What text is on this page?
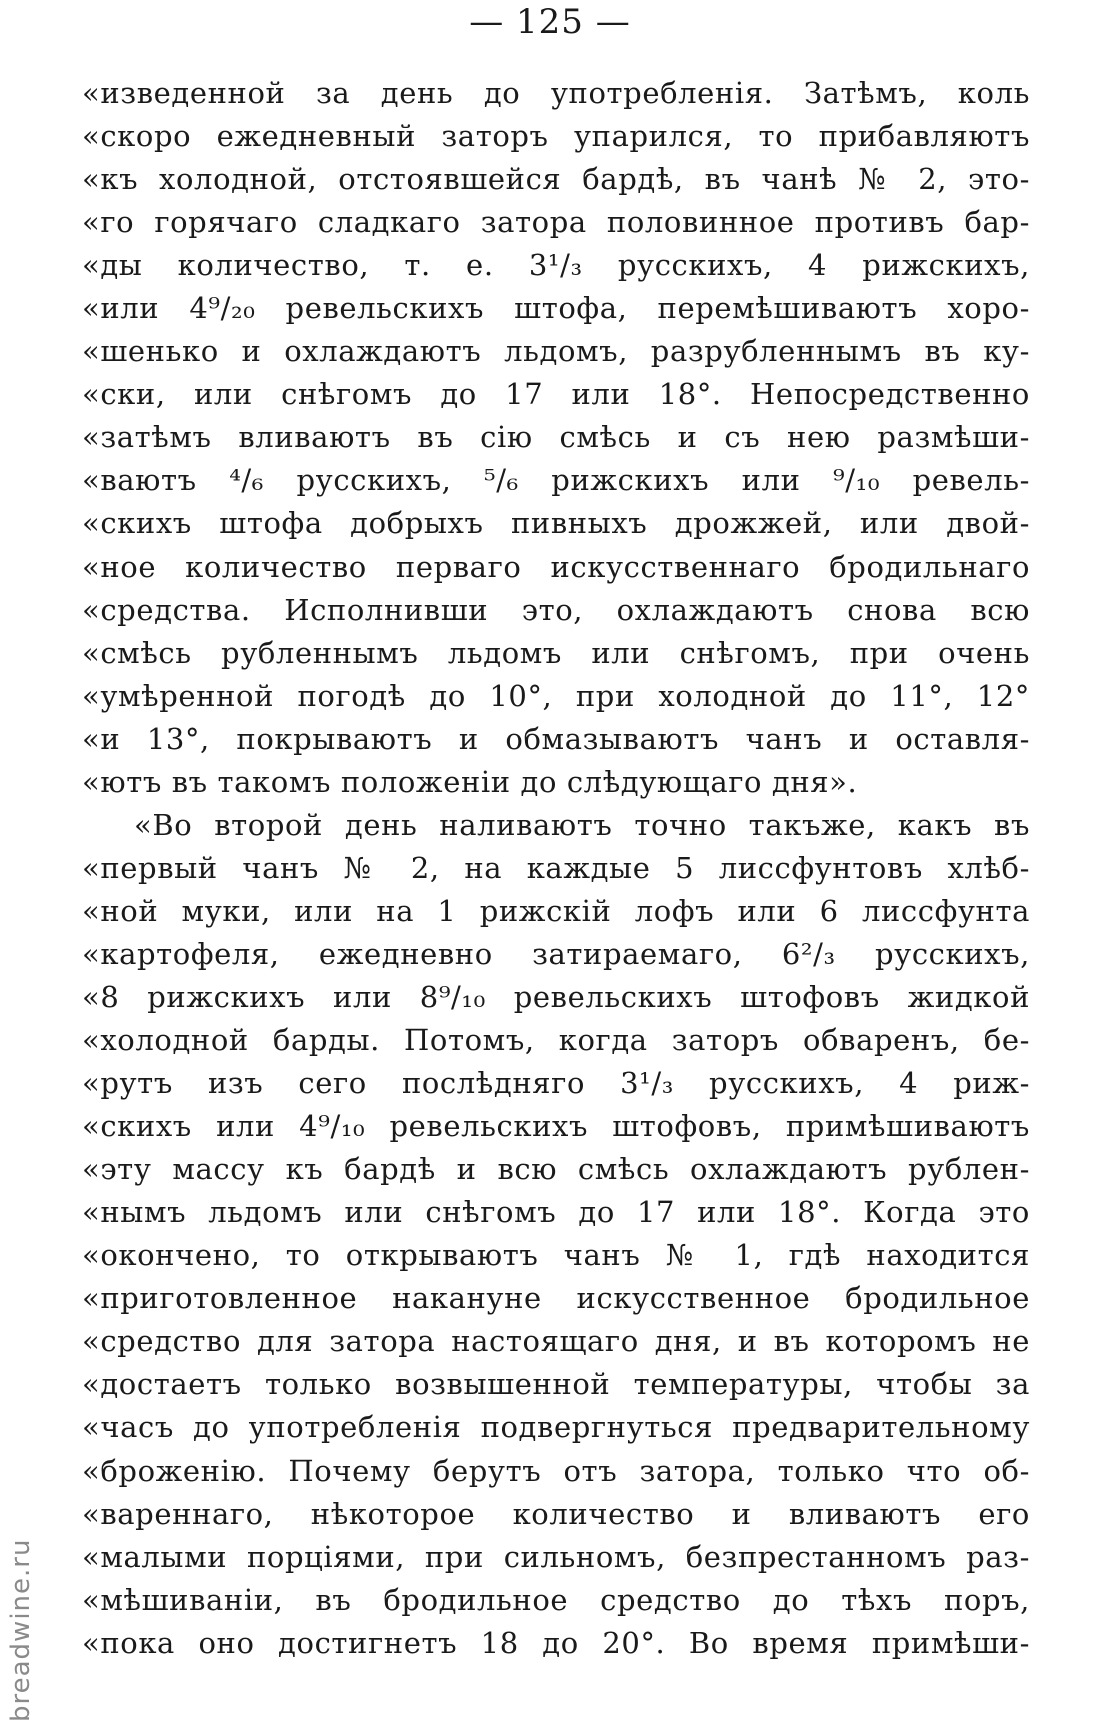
— 125 —
«изведенной за день до употребленія. Затѣмъ, коль
«скоро ежедневный затоpъ упарился, то прибавляютъ
«къ холодной, отстоявшейся бардѣ, въ чанѣ № 2, это-
«го горячаго сладкаго затора половинное противъ бар-
«ды количество, т. е. 3¹/₃ русскихъ, 4 рижскихъ,
«или 4⁹/₂₀ ревельскихъ штофа, перемѣшиваютъ хоро-
«шенько и охлаждаютъ льдомъ, разрубленнымъ въ ку-
«ски, или снѣгомъ до 17 или 18°. Непосредственно
«затѣмъ вливаютъ въ сію смѣсь и съ нею размѣши-
«ваютъ ⁴/₆ русскихъ, ⁵/₆ рижскихъ или ⁹/₁₀ ревель-
«скихъ штофа добрыхъ пивныхъ дрожжей, или двой-
«ное количество перваго искусственнаго бродильнаго
«средства. Исполнивши это, охлаждаютъ снова всю
«смѣсь рубленнымъ льдомъ или снѣгомъ, при очень
«умѣренной погодѣ до 10°, при холодной до 11°, 12°
«и 13°, покрываютъ и обмазываютъ чанъ и оставля-
«ютъ въ такомъ положеніи до слѣдующаго дня».
«Во второй день наливаютъ точно такъже, какъ въ
«первый чанъ № 2, на каждые 5 лиссфунтовъ хлѣб-
«ной муки, или на 1 рижскій лофъ или 6 лиссфунта
«картофеля, ежедневно затираемаго, 6²/₃ русскихъ,
«8 рижскихъ или 8⁹/₁₀ ревельскихъ штофовъ жидкой
«холодной барды. Потомъ, когда затоpъ обваренъ, бе-
«рутъ изъ сего послѣдняго 3¹/₃ русскихъ, 4 риж-
«скихъ или 4⁹/₁₀ ревельскихъ штофовъ, примѣшиваютъ
«эту массу къ бардѣ и всю смѣсь охлаждаютъ рублен-
«нымъ льдомъ или снѣгомъ до 17 или 18°. Когда это
«окончено, то открываютъ чанъ № 1, гдѣ находится
«приготовленное накануне искусственное бродильное
«средство для затора настоящаго дня, и въ которомъ не
«достаетъ только возвышенной температуры, чтобы за
«часъ до употребленія подвергнуться предварительному
«броженію. Почему берутъ отъ затора, только что об-
«вареннаго, нѣкоторое количество и вливаютъ его
«малыми порціями, при сильномъ, безпрестанномъ раз-
«мѣшиваніи, въ бродильное средство до тѣхъ поръ,
«пока оно достигнетъ 18 до 20°. Во время примѣши-
breadwine.ru
